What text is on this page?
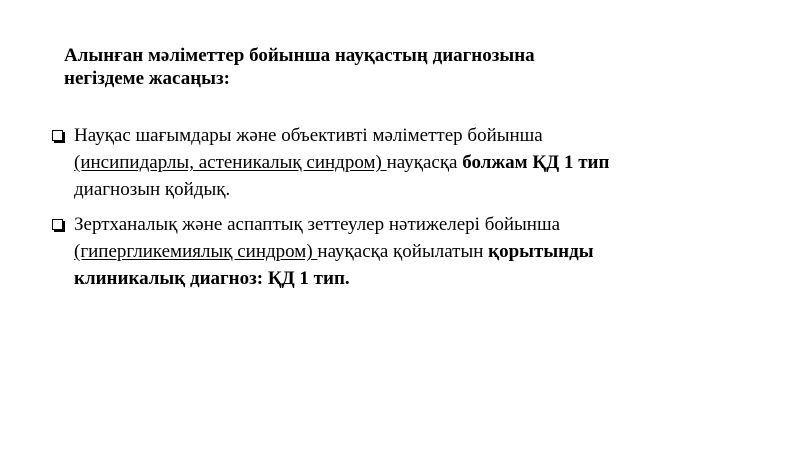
Алынған мәліметтер бойынша науқастың диагнозына
негіздеме жасаңыз:
Науқас шағымдары және объективті мәліметтер бойынша
(инсипидарлы, астеникалық синдром) науқасқа болжам ҚД 1 тип
диагнозын қойдық.
Зертханалық және аспаптық зеттеулер нәтижелері бойынша
(гипергликемиялық синдром) науқасқа қойылатын қорытынды
клиникалық диагноз: ҚД 1 тип.
